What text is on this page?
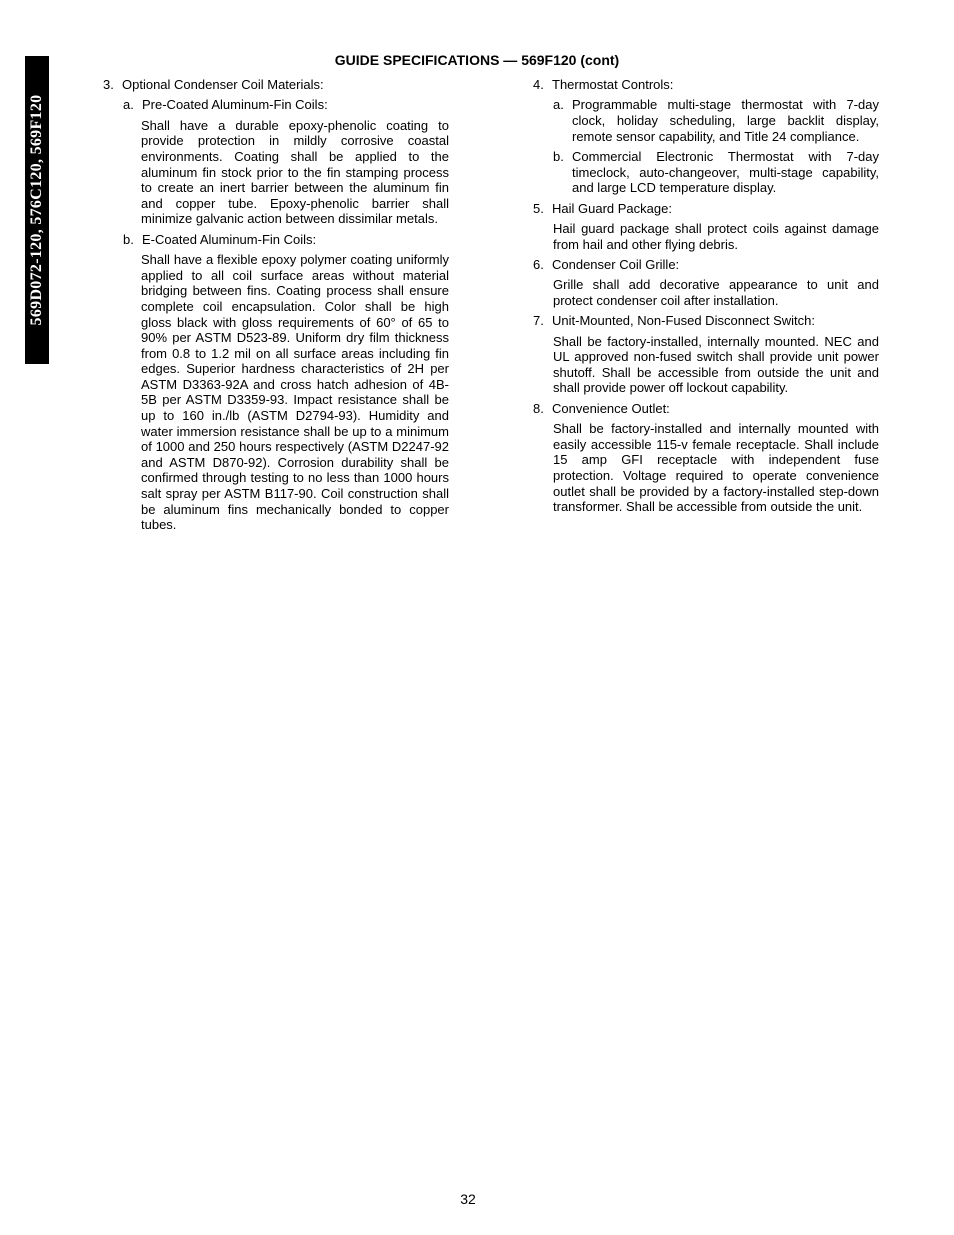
569D072-120, 576C120, 569F120
GUIDE SPECIFICATIONS — 569F120 (cont)
3. Optional Condenser Coil Materials:
a. Pre-Coated Aluminum-Fin Coils:
Shall have a durable epoxy-phenolic coating to provide protection in mildly corrosive coastal environments. Coating shall be applied to the aluminum fin stock prior to the fin stamping process to create an inert barrier between the aluminum fin and copper tube. Epoxy-phenolic barrier shall minimize galvanic action between dissimilar metals.
b. E-Coated Aluminum-Fin Coils:
Shall have a flexible epoxy polymer coating uniformly applied to all coil surface areas without material bridging between fins. Coating process shall ensure complete coil encapsulation. Color shall be high gloss black with gloss requirements of 60° of 65 to 90% per ASTM D523-89. Uniform dry film thickness from 0.8 to 1.2 mil on all surface areas including fin edges. Superior hardness characteristics of 2H per ASTM D3363-92A and cross hatch adhesion of 4B-5B per ASTM D3359-93. Impact resistance shall be up to 160 in./lb (ASTM D2794-93). Humidity and water immersion resistance shall be up to a minimum of 1000 and 250 hours respectively (ASTM D2247-92 and ASTM D870-92). Corrosion durability shall be confirmed through testing to no less than 1000 hours salt spray per ASTM B117-90. Coil construction shall be aluminum fins mechanically bonded to copper tubes.
4. Thermostat Controls:
a. Programmable multi-stage thermostat with 7-day clock, holiday scheduling, large backlit display, remote sensor capability, and Title 24 compliance.
b. Commercial Electronic Thermostat with 7-day timeclock, auto-changeover, multi-stage capability, and large LCD temperature display.
5. Hail Guard Package:
Hail guard package shall protect coils against damage from hail and other flying debris.
6. Condenser Coil Grille:
Grille shall add decorative appearance to unit and protect condenser coil after installation.
7. Unit-Mounted, Non-Fused Disconnect Switch:
Shall be factory-installed, internally mounted. NEC and UL approved non-fused switch shall provide unit power shutoff. Shall be accessible from outside the unit and shall provide power off lockout capability.
8. Convenience Outlet:
Shall be factory-installed and internally mounted with easily accessible 115-v female receptacle. Shall include 15 amp GFI receptacle with independent fuse protection. Voltage required to operate convenience outlet shall be provided by a factory-installed step-down transformer. Shall be accessible from outside the unit.
32
